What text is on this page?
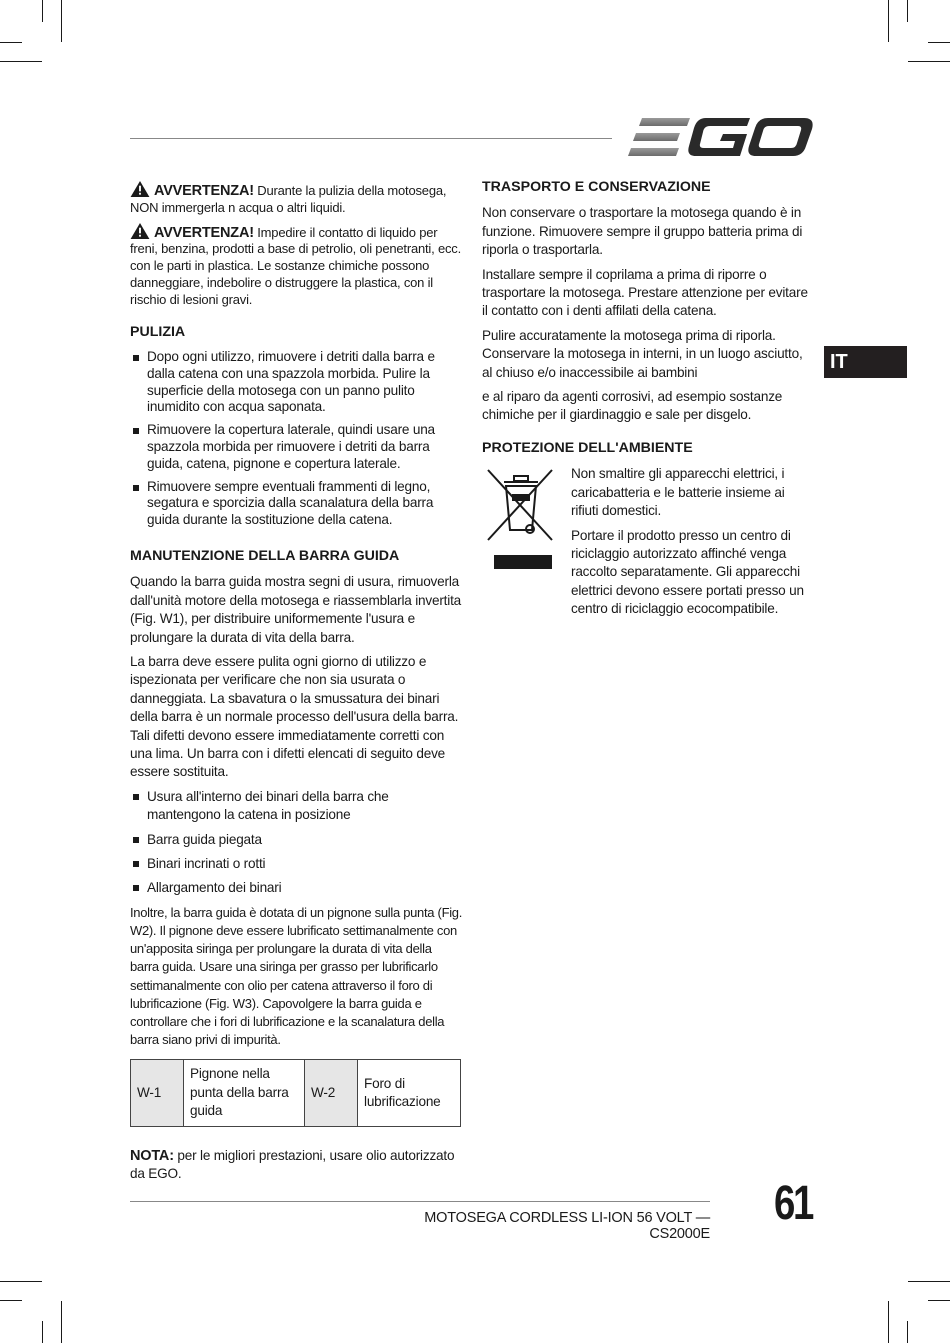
AVVERTENZA! Durante la pulizia della motosega, NON immergerla n acqua o altri liquidi.

AVVERTENZA! Impedire il contatto di liquido per freni, benzina, prodotti a base di petrolio, oli penetranti, ecc. con le parti in plastica. Le sostanze chimiche possono danneggiare, indebolire o distruggere la plastica, con il rischio di lesioni gravi.

PULIZIA
Dopo ogni utilizzo, rimuovere i detriti dalla barra e dalla catena con una spazzola morbida. Pulire la superficie della motosega con un panno pulito inumidito con acqua saponata.
Rimuovere la copertura laterale, quindi usare una spazzola morbida per rimuovere i detriti da barra guida, catena, pignone e copertura laterale.
Rimuovere sempre eventuali frammenti di legno, segatura e sporcizia dalla scanalatura della barra guida durante la sostituzione della catena.
MANUTENZIONE DELLA BARRA GUIDA

Quando la barra guida mostra segni di usura, rimuoverla dall'unità motore della motosega e riassemblarla invertita (Fig. W1), per distribuire uniformemente l'usura e prolungare la durata di vita della barra.

La barra deve essere pulita ogni giorno di utilizzo e ispezionata per verificare che non sia usurata o danneggiata. La sbavatura o la smussatura dei binari della barra è un normale processo dell'usura della barra. Tali difetti devono essere immediatamente corretti con una lima. Un barra con i difetti elencati di seguito deve essere sostituita.

Usura all'interno dei binari della barra che mantengono la catena in posizione
Barra guida piegata
Binari incrinati o rotti
Allargamento dei binari

Inoltre, la barra guida è dotata di un pignone sulla punta (Fig. W2). Il pignone deve essere lubrificato settimanalmente con un'apposita siringa per prolungare la durata di vita della barra guida. Usare una siringa per grasso per lubrificarlo settimanalmente con olio per catena attraverso il foro di lubrificazione (Fig. W3). Capovolgere la barra guida e controllare che i fori di lubrificazione e la scanalatura della barra siano privi di impurità.

W-1	Pignone nella punta della barra guida	W-2	Foro di lubrificazione

NOTA: per le migliori prestazioni, usare olio autorizzato da EGO.

TRASPORTO E CONSERVAZIONE

Non conservare o trasportare la motosega quando è in funzione. Rimuovere sempre il gruppo batteria prima di riporla o trasportarla.

Installare sempre il coprilama a prima di riporre o trasportare la motosega. Prestare attenzione per evitare il contatto con i denti affilati della catena.

Pulire accuratamente la motosega prima di riporla. Conservare la motosega in interni, in un luogo asciutto, al chiuso e/o inaccessibile ai bambini

e al riparo da agenti corrosivi, ad esempio sostanze chimiche per il giardinaggio e sale per disgelo.

PROTEZIONE DELL'AMBIENTE

Non smaltire gli apparecchi elettrici, i caricabatteria e le batterie insieme ai rifiuti domestici.

Portare il prodotto presso un centro di riciclaggio autorizzato affinché venga raccolto separatamente. Gli apparecchi elettrici devono essere portati presso un centro di riciclaggio ecocompatibile.

IT
MOTOSEGA CORDLESS LI-ION 56 VOLT — CS2000E
61
